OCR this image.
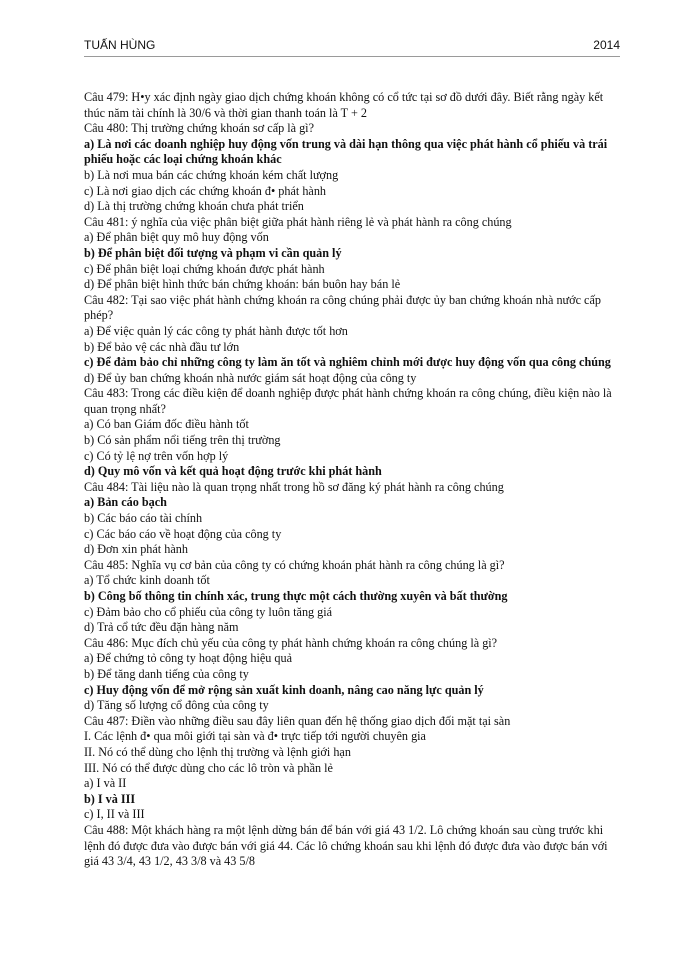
TUẤN HÙNG	2014

Câu 479: H•y xác định ngày giao dịch chứng khoán không có cổ tức tại sơ đồ dưới đây. Biết rằng ngày kết thúc năm tài chính là 30/6 và thời gian thanh toán là T + 2

Câu 480: Thị trường chứng khoán sơ cấp là gì?

a) Là nơi các doanh nghiệp huy động vốn trung và dài hạn thông qua việc phát hành cổ phiếu và trái phiếu hoặc các loại chứng khoán khác

b) Là nơi mua bán các chứng khoán kém chất lượng

c) Là nơi giao dịch các chứng khoán đ• phát hành

d) Là thị trường chứng khoán chưa phát triển

Câu 481: ý nghĩa của việc phân biệt giữa phát hành riêng lẻ và phát hành ra công chúng

a) Để phân biệt quy mô huy động vốn

b) Để phân biệt đối tượng và phạm vi cần quản lý

c) Để phân biệt loại chứng khoán được phát hành

d) Để phân biệt hình thức bán chứng khoán: bán buôn hay bán lẻ

Câu 482: Tại sao việc phát hành chứng khoán ra công chúng phải được ủy ban chứng khoán nhà nước cấp phép?

a) Để việc quản lý các công ty phát hành được tốt hơn

b) Để bảo vệ các nhà đầu tư lớn

c) Để đảm bảo chỉ những công ty làm ăn tốt và nghiêm chỉnh mới được huy động vốn qua công chúng

d) Để ủy ban chứng khoán nhà nước giám sát hoạt động của công ty

Câu 483: Trong các điều kiện để doanh nghiệp được phát hành chứng khoán ra công chúng, điều kiện nào là quan trọng nhất?

a) Có ban Giám đốc điều hành tốt

b) Có sản phẩm nổi tiếng trên thị trường

c) Có tỷ lệ nợ trên vốn hợp lý

d) Quy mô vốn và kết quả hoạt động trước khi phát hành

Câu 484: Tài liệu nào là quan trọng nhất trong hồ sơ đăng ký phát hành ra công chúng

a) Bản cáo bạch

b) Các báo cáo tài chính

c) Các báo cáo về hoạt động của công ty

d) Đơn xin phát hành

Câu 485: Nghĩa vụ cơ bản của công ty có chứng khoán phát hành ra công chúng là gì?

a) Tổ chức kinh doanh tốt

b) Công bố thông tin chính xác, trung thực một cách thường xuyên và bất thường

c) Đảm bảo cho cổ phiếu của công ty luôn tăng giá

d) Trả cổ tức đều đặn hàng năm

Câu 486: Mục đích chủ yếu của công ty phát hành chứng khoán ra công chúng là gì?

a) Để chứng tỏ công ty hoạt động hiệu quả

b) Để tăng danh tiếng của công ty

c) Huy động vốn để mở rộng sản xuất kinh doanh, nâng cao năng lực quản lý

d) Tăng số lượng cổ đông của công ty

Câu 487: Điền vào những điều sau đây liên quan đến hệ thống giao dịch đối mặt tại sàn

I. Các lệnh đ• qua môi giới tại sàn và đ• trực tiếp tới người chuyên gia

II. Nó có thể dùng cho lệnh thị trường và lệnh giới hạn

III. Nó có thể được dùng cho các lô tròn và phần lẻ

a) I và II

b) I và III

c) I, II và III

Câu 488: Một khách hàng ra một lệnh dừng bán để bán với giá 43 1/2. Lô chứng khoán sau cùng trước khi lệnh đó được đưa vào được bán với giá 44. Các lô chứng khoán sau khi lệnh đó được đưa vào được bán với giá 43 3/4, 43 1/2, 43 3/8 và 43 5/8
